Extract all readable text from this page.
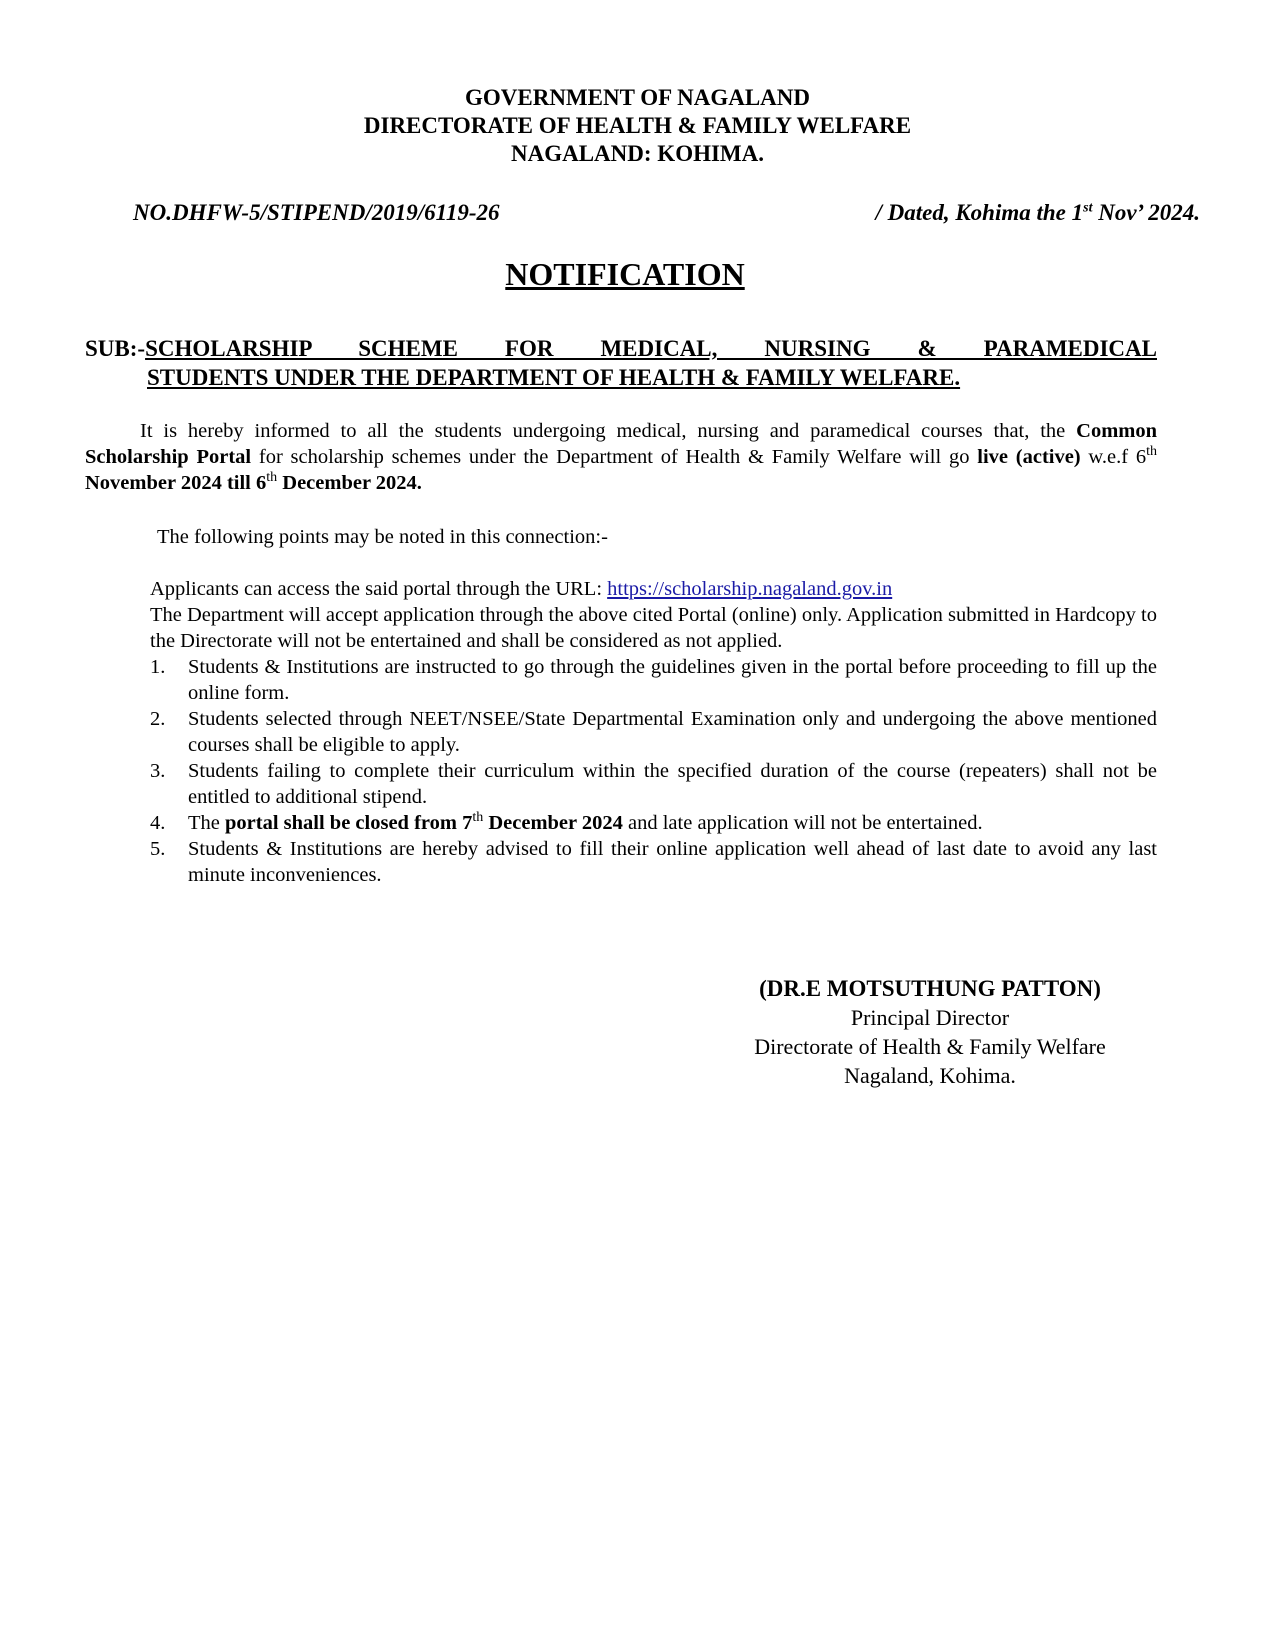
GOVERNMENT OF NAGALAND
DIRECTORATE OF HEALTH & FAMILY WELFARE
NAGALAND: KOHIMA.
NO.DHFW-5/STIPEND/2019/6119-26	/ Dated, Kohima the 1st Nov’ 2024.
NOTIFICATION
SUB:-SCHOLARSHIP SCHEME FOR MEDICAL, NURSING & PARAMEDICAL
STUDENTS UNDER THE DEPARTMENT OF HEALTH & FAMILY WELFARE.
It is hereby informed to all the students undergoing medical, nursing and paramedical courses that, the Common Scholarship Portal for scholarship schemes under the Department of Health & Family Welfare will go live (active) w.e.f 6th November 2024 till 6th December 2024.
The following points may be noted in this connection:-
Applicants can access the said portal through the URL: https://scholarship.nagaland.gov.in
The Department will accept application through the above cited Portal (online) only. Application submitted in Hardcopy to the Directorate will not be entertained and shall be considered as not applied.
1. Students & Institutions are instructed to go through the guidelines given in the portal before proceeding to fill up the online form.
2. Students selected through NEET/NSEE/State Departmental Examination only and undergoing the above mentioned courses shall be eligible to apply.
3. Students failing to complete their curriculum within the specified duration of the course (repeaters) shall not be entitled to additional stipend.
4. The portal shall be closed from 7th December 2024 and late application will not be entertained.
5. Students & Institutions are hereby advised to fill their online application well ahead of last date to avoid any last minute inconveniences.
(DR.E MOTSUTHUNG PATTON)
Principal Director
Directorate of Health & Family Welfare
Nagaland, Kohima.
